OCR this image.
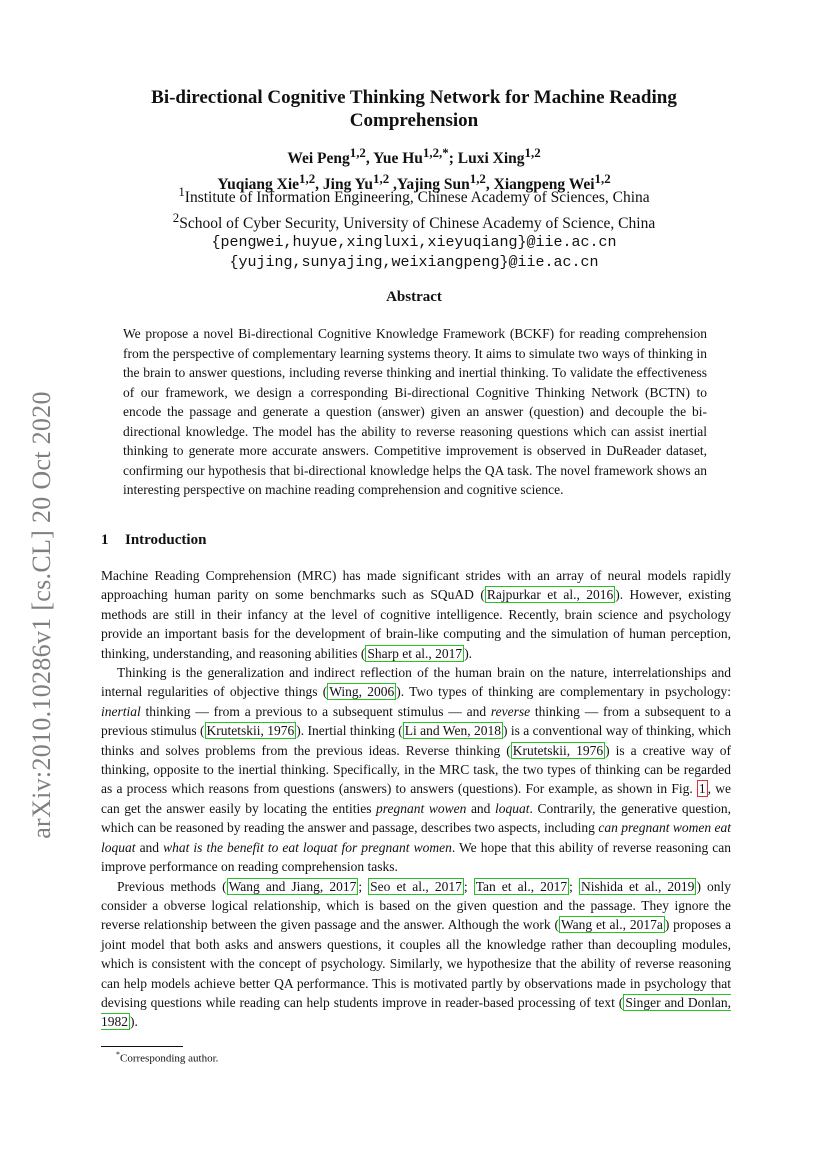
arXiv:2010.10286v1 [cs.CL] 20 Oct 2020
Bi-directional Cognitive Thinking Network for Machine Reading
Comprehension
Wei Peng$^{1,2}$, Yue $Hu^{1,2,*}$; Luxi Xing$^{1,2}$
Yuqiang Xie$^{1,2}$, Jing Yu$^{1,2}$ ,Yajing Sun$^{1,2}$, Xiangpeng Wei$^{1,2}$
$^1$Institute of Information Engineering, Chinese Academy of Sciences, China
$^2$School of Cyber Security, University of Chinese Academy of Science, China
{pengwei,huyue,xingluxi,xieyuqiang}@iie.ac.cn
{yujing,sunyajing,weixiangpeng}@iie.ac.cn
Abstract
We propose a novel Bi-directional Cognitive Knowledge Framework (BCKF) for reading comprehension from the perspective of complementary learning systems theory. It aims to simulate two ways of thinking in the brain to answer questions, including reverse thinking and inertial thinking. To validate the effectiveness of our framework, we design a corresponding Bi-directional Cognitive Thinking Network (BCTN) to encode the passage and generate a question (answer) given an answer (question) and decouple the bi-directional knowledge. The model has the ability to reverse reasoning questions which can assist inertial thinking to generate more accurate answers. Competitive improvement is observed in DuReader dataset, confirming our hypothesis that bi-directional knowledge helps the QA task. The novel framework shows an interesting perspective on machine reading comprehension and cognitive science.
1 Introduction

Machine Reading Comprehension (MRC) has made significant strides with an array of neural models rapidly approaching human parity on some benchmarks such as SQuAD ( Rajpurkar et al., 2016 ). However, existing methods are still in their infancy at the level of cognitive intelligence. Recently, brain science and psychology provide an important basis for the development of brain-like computing and the simulation of human perception, thinking, understanding, and reasoning abilities ( Sharp et al., 2017 ).

Thinking is the generalization and indirect reflection of the human brain on the nature, interrelationships and internal regularities of objective things ( Wing, 2006 ). Two types of thinking are complementary in psychology: inertial thinking — from a previous to a subsequent stimulus — and reverse thinking — from a subsequent to a previous stimulus ( Krutetskii, 1976 ). Inertial thinking ( Li and Wen, 2018 ) is a conventional way of thinking, which thinks and solves problems from the previous ideas. Reverse thinking ( Krutetskii, 1976 ) is a creative way of thinking, opposite to the inertial thinking. Specifically, in the MRC task, the two types of thinking can be regarded as a process which reasons from questions (answers) to answers (questions). For example, as shown in Fig. 1 , we can get the answer easily by locating the entities pregnant wowen and loquat. Contrarily, the generative question, which can be reasoned by reading the answer and passage, describes two aspects, including can pregnant women eat loquat and what is the benefit to eat loquat for pregnant women. We hope that this ability of reverse reasoning can improve performance on reading comprehension tasks.

Previous methods ( Wang and Jiang, 2017 ; Seo et al., 2017 ; Tan et al., 2017 ; Nishida et al., 2019 ) only consider a obverse logical relationship, which is based on the given question and the passage. They ignore the reverse relationship between the given passage and the answer. Although the work ( Wang et al., 2017a ) proposes a joint model that both asks and answers questions, it couples all the knowledge rather than decoupling modules, which is consistent with the concept of psychology. Similarly, we hypothesize that the ability of reverse reasoning can help models achieve better QA performance. This is motivated partly by observations made in psychology that devising questions while reading can help students improve in reader-based processing of text ( Singer and Donlan, 1982 ).

*Corresponding author.
